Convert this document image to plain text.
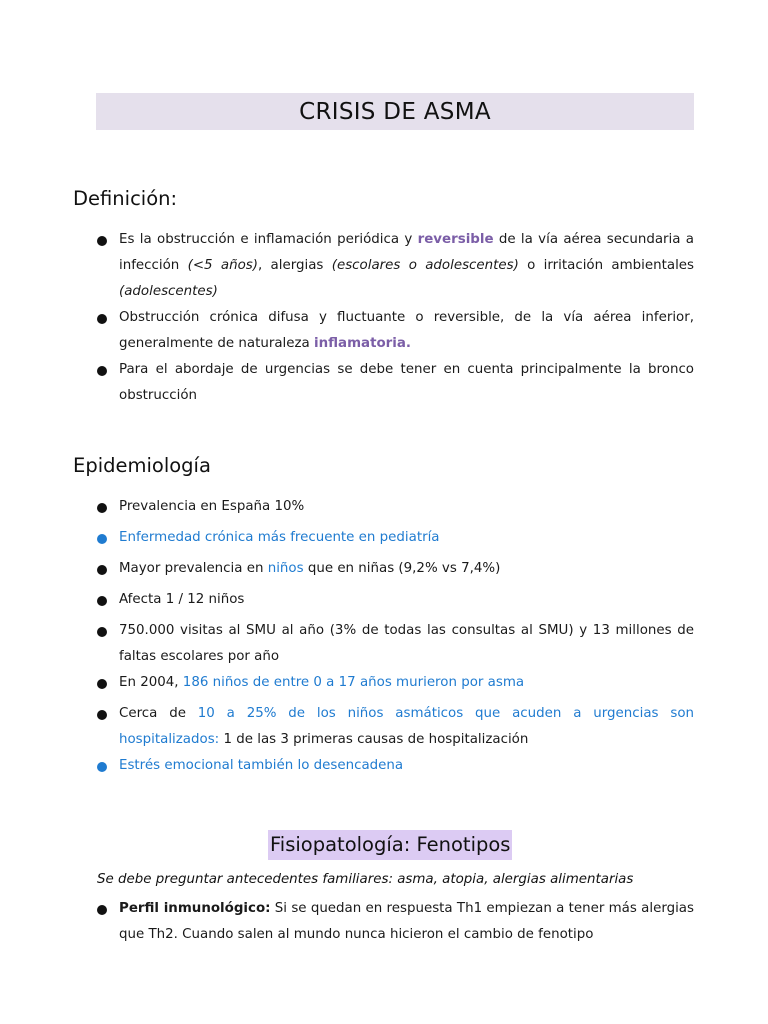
CRISIS DE ASMA
Definición:
Es la obstrucción e inflamación periódica y reversible de la vía aérea secundaria a infección (<5 años), alergias (escolares o adolescentes) o irritación ambientales (adolescentes)
Obstrucción crónica difusa y fluctuante o reversible, de la vía aérea inferior, generalmente de naturaleza inflamatoria.
Para el abordaje de urgencias se debe tener en cuenta principalmente la bronco obstrucción
Epidemiología
Prevalencia en España 10%
Enfermedad crónica más frecuente en pediatría
Mayor prevalencia en niños que en niñas (9,2% vs 7,4%)
Afecta 1 / 12 niños
750.000 visitas al SMU al año (3% de todas las consultas al SMU) y 13 millones de faltas escolares por año
En 2004, 186 niños de entre 0 a 17 años murieron por asma
Cerca de 10 a 25% de los niños asmáticos que acuden a urgencias son hospitalizados: 1 de las 3 primeras causas de hospitalización
Estrés emocional también lo desencadena
Fisiopatología: Fenotipos
Se debe preguntar antecedentes familiares: asma, atopia, alergias alimentarias
Perfil inmunológico: Si se quedan en respuesta Th1 empiezan a tener más alergias que Th2. Cuando salen al mundo nunca hicieron el cambio de fenotipo
